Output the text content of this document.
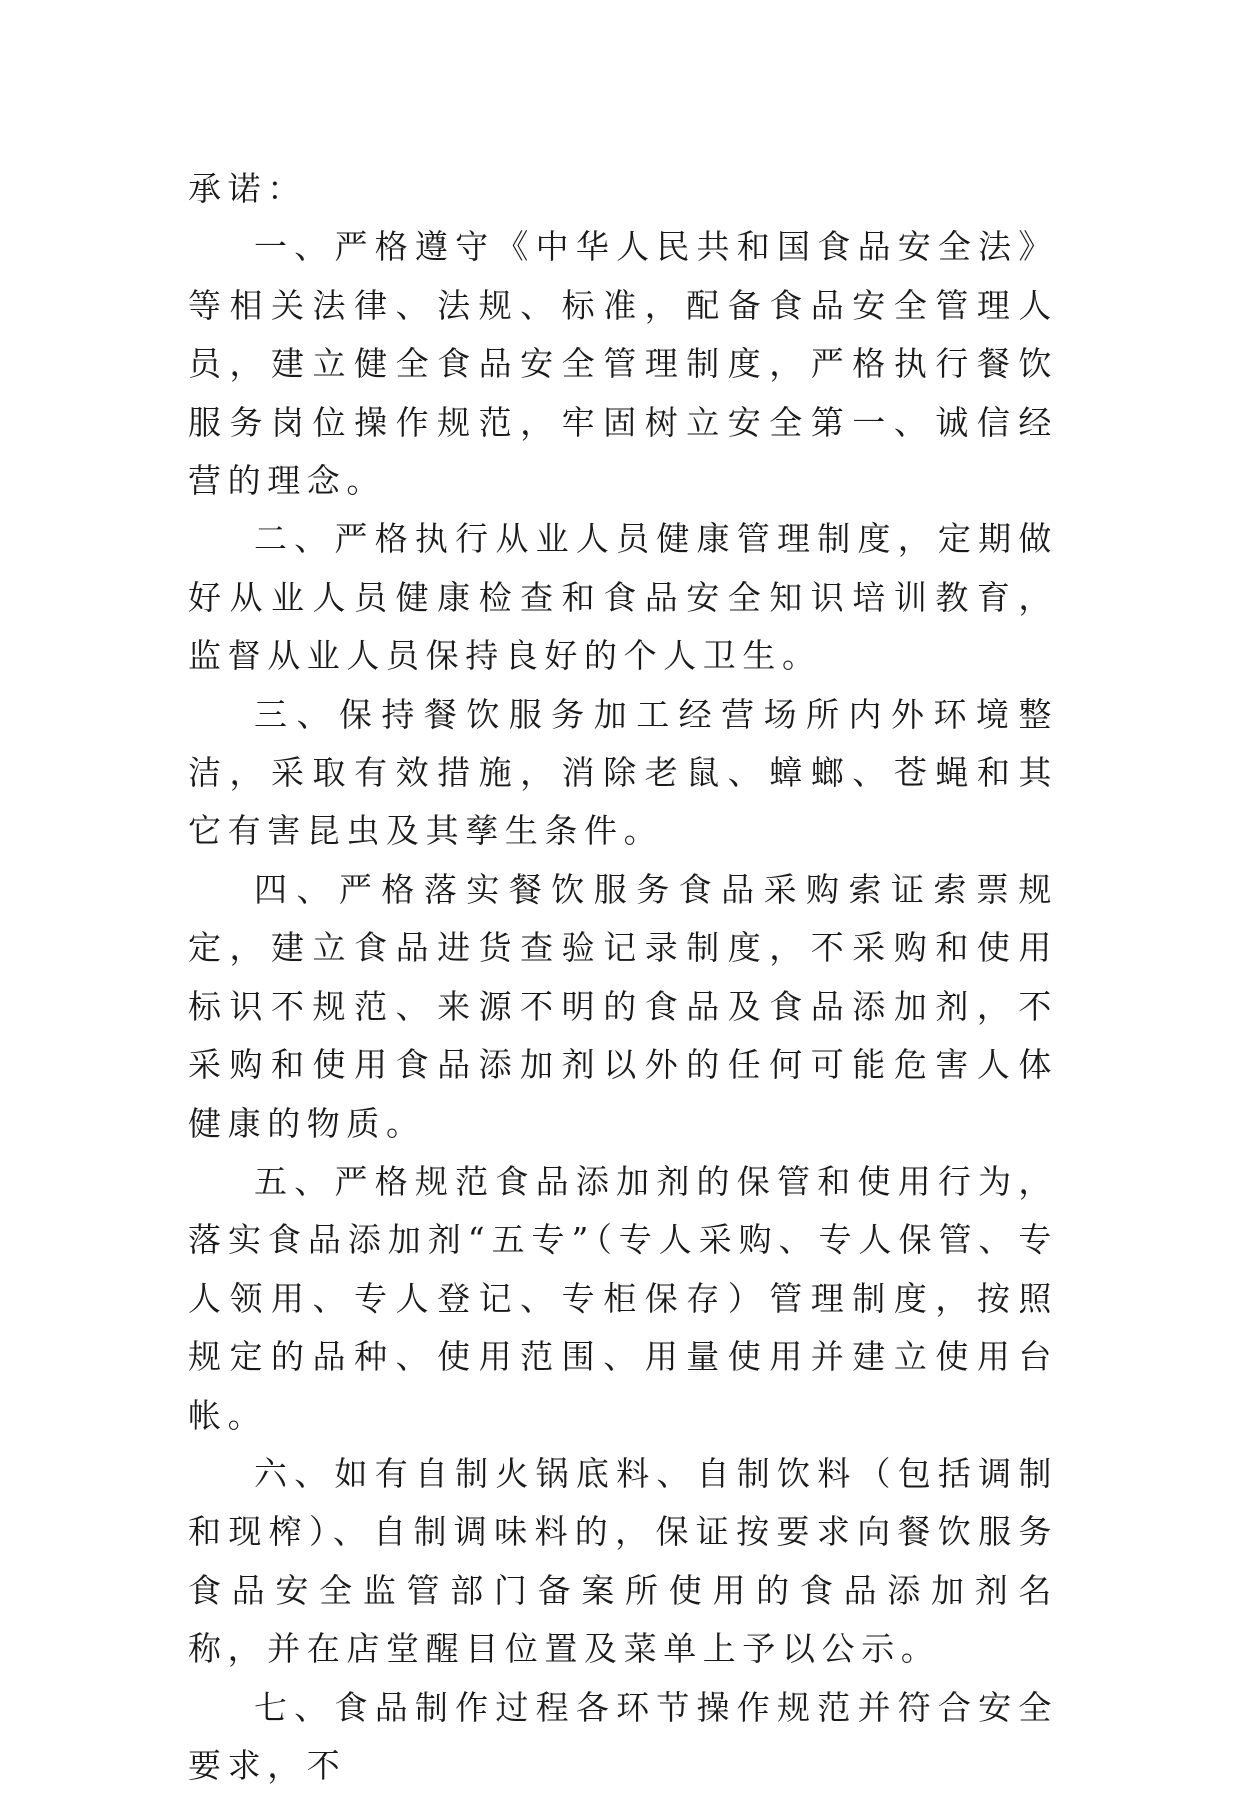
承诺：

一、严格遵守《中华人民共和国食品安全法》等相关法律、法规、标准，配备食品安全管理人员，建立健全食品安全管理制度，严格执行餐饮服务岗位操作规范，牢固树立安全第一、诚信经营的理念。

二、严格执行从业人员健康管理制度，定期做好从业人员健康检查和食品安全知识培训教育，监督从业人员保持良好的个人卫生。

三、保持餐饮服务加工经营场所内外环境整洁，采取有效措施，消除老鼠、蟑螂、苍蝇和其它有害昆虫及其孳生条件。

四、严格落实餐饮服务食品采购索证索票规定，建立食品进货查验记录制度，不采购和使用标识不规范、来源不明的食品及食品添加剂，不采购和使用食品添加剂以外的任何可能危害人体健康的物质。

五、严格规范食品添加剂的保管和使用行为，落实食品添加剂“五专”（专人采购、专人保管、专人领用、专人登记、专柜保存）管理制度，按照规定的品种、使用范围、用量使用并建立使用台帐。

六、如有自制火锅底料、自制饮料（包括调制和现榨）、自制调味料的，保证按要求向餐饮服务食品安全监管部门备案所使用的食品添加剂名称，并在店堂醒目位置及菜单上予以公示。

七、食品制作过程各环节操作规范并符合安全要求，不
